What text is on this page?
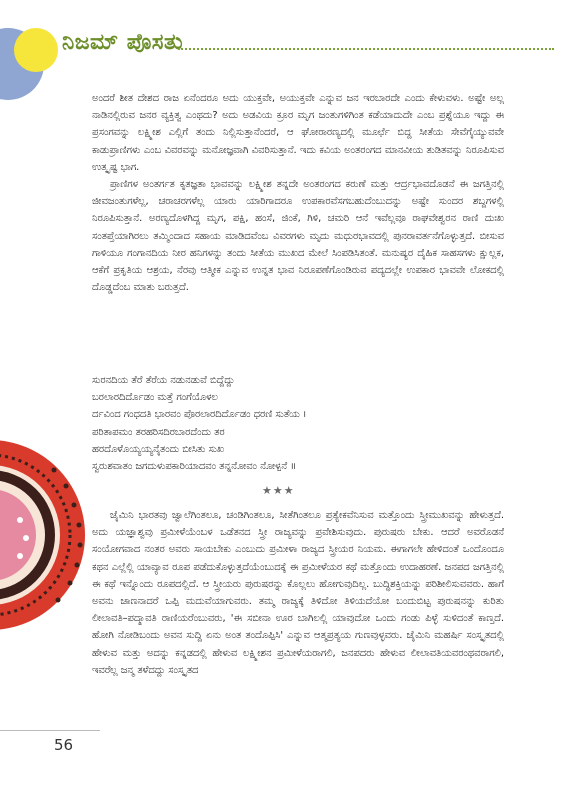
ನಿಜಮ್ ಪೊಸತು

ಅಂದರೆ ಶೀತ ದೇಶದ ರಾಜ ಏನೆಂದರೂ ಅದು ಯುಕ್ತವೇ, ಅಯುಕ್ತವೇ ಎನ್ನುವ ಜನ ಇರಬಾರದೇ ಎಂದು ಕೇಳುವಳು. ಅಷ್ಟೇ ಅಲ್ಲ ನಾಡಿನಲ್ಲಿರುವ ಜನರ ವ್ಯಕ್ತಿತ್ವ ಎಂಥದು? ಅದು ಅಡವಿಯ ಕ್ರೂರ ಮೃಗ ಜಂತುಗಳಿಗಿಂತ ಕಡೆಯಾದುದೇ ಎಂಬ ಪ್ರಶ್ನೆಯೂ ಇದ್ದು ಈ ಪ್ರಸಂಗವನ್ನು ಲಕ್ಷ್ಮೀಶ ಎಲ್ಲಿಗೆ ತಂದು ನಿಲ್ಲಿಸುತ್ತಾನೆಂದರೆ, ಆ ಘೋರಾರಣ್ಯದಲ್ಲಿ ಮೂರ್ಛೆ ಬಿದ್ದ ಸೀತೆಯ ಸೇವೆಗೈಯ್ಯುವವೇ ಕಾಡುಪ್ರಾಣಿಗಳು ಎಂಬ ವಿವರವನ್ನು ಮನೋಜ್ಞವಾಗಿ ವಿವರಿಸುತ್ತಾನೆ. ಇದು ಕವಿಯ ಅಂತರಂಗದ ಮಾನವೀಯ ತುಡಿತವನ್ನು ನಿರೂಪಿಸುವ ಉತ್ಕೃಷ್ಟ ಭಾಗ.

ಪ್ರಾಣಿಗಳ ಅಂತರ್ಗತ ಕೃತಜ್ಞತಾ ಭಾವವನ್ನು ಲಕ್ಷ್ಮೀಶ ತನ್ನದೇ ಅಂತರಂಗದ ಕರುಣೆ ಮತ್ತು ಆರ್ದ್ರಭಾವದೊಡನೆ ಈ ಜಗತ್ತಿನಲ್ಲಿ ಜೀವಜಂತುಗಳೆಲ್ಲ, ಚರಾಚರಗಳೆಲ್ಲ ಯಾರು ಯಾರಿಗಾದರೂ ಉಪಕಾರವೆಸಗಬಹುದೆಂಬುದನ್ನು ಅಷ್ಟೇ ಸುಂದರ ಶಬ್ದಗಳಲ್ಲಿ ನಿರೂಪಿಸುತ್ತಾನೆ. ಅರಣ್ಯದೊಳಗಿದ್ದ ಮೃಗ, ಪಕ್ಷಿ, ಹಂಸೆ, ಜಿಂಕೆ, ಗಿಳಿ, ಚಮರಿ ಆನೆ ಇವೆಲ್ಲವೂ ರಾಘವೇಶ್ವರನ ರಾಣಿ ದುಃಖ ಸಂತಪ್ತೆಯಾಗಿರಲು ತಮ್ಮಿಂದಾದ ಸಹಾಯ ಮಾಡಿದವೆಂಬ ವಿವರಗಳು ಮೃದು ಮಧುರಭಾವದಲ್ಲಿ ಪುನರಾವರ್ತನೆಗೊಳ್ಳುತ್ತದೆ. ಬೀಸುವ ಗಾಳಿಯೂ ಗಂಗಾನದಿಯ ನೀರ ಹನಿಗಳನ್ನು ತಂದು ಸೀತೆಯ ಮುಖದ ಮೇಲೆ ಸಿಂಪಡಿಸಿತಂತೆ. ಮನುಷ್ಯರ ದೈಹಿಕ ಸಾಹಸಗಳು ಕ್ಷುಲ್ಲಕ, ಆಕೆಗೆ ಪ್ರಕೃತಿಯ ಆಶ್ರಯ, ನೆರವು ಆತ್ಮೀಕ ಎನ್ನುವ ಉನ್ನತ ಭಾವ ನಿರೂಪಣೆಗೊಂಡಿರುವ ಪದ್ಯದಲ್ಲೇ ಉಪಕಾರ ಭಾವವೇ ಲೋಕದಲ್ಲಿ ದೊಡ್ಡದೆಂಬ ಮಾತು ಬರುತ್ತದೆ.

ಸುರನದಿಯ ತೆರೆ ತೆರೆಯ ನಡುನಡುವೆ ಬಿದ್ದೆದ್ದು
ಬರಲಾರದಿರ್ದೊಡಂ ಮತ್ತೆ ಗಂಗೆಯೊಳಲ
ರ್ದವಿಂದ ಗಂಧದತಿ ಭಾರವಂ ಪೊರಲಾರದಿರ್ದೊಡಂ ಧರಣಿ ಸುತೆಯ ।
ಪರಿತಾಪಮಂ ತರಹರಿಸದಿರಬಾರದೆಂದು ತರ
ಹರದೊಳೊಯ್ಯಯ್ಯನೈತಂದು ಬೀಸಿತು ಸುಖ
ಸ್ವರುಶವಾತಂ ಜಗದುಳುಪಕಾರಿಯಾದವಂ ತನ್ನನೋವಂ ನೋಳ್ಪನೆ ॥
★★★

ಜೈಮಿನಿ ಭಾರತವು ಜ್ವಾಲೆಗಿಂತಲೂ, ಚಂಡಿಗಿಂತಲೂ, ಸೀತೆಗಿಂತಲೂ ಪ್ರತ್ಯೇಕವೆನಿಸುವ ಮತ್ತೊಂದು ಸ್ತ್ರೀಮುಖವನ್ನು ಹೇಳುತ್ತದೆ. ಅದು ಯಜ್ಞಾಶ್ವವು ಪ್ರಮೀಳೆಯೆಂಬಳ ಒಡೆತನದ ಸ್ತ್ರೀ ರಾಜ್ಯವನ್ನು ಪ್ರವೇಶಿಸುವುದು. ಪುರುಷರು ಬೇಕು. ಆದರೆ ಅವರೊಡನೆ ಸಂಯೋಗವಾದ ನಂತರ ಅವರು ಸಾಯಬೇಕು ಎಂಬುದು ಪ್ರಮೀಳಾ ರಾಜ್ಯದ ಸ್ತ್ರೀಯರ ನಿಯಮ. ಈಗಾಗಲೇ ಹೇಳಿದಂತೆ ಒಂದೊಂದೂ ಕಥನ ಎಲ್ಲೆಲ್ಲಿ ಯಾವ್ಯಾವ ರೂಪ ಪಡೆದುಕೊಳ್ಳುತ್ತದೆಯೆಂಬುದಕ್ಕೆ ಈ ಪ್ರಮೀಳೆಯರ ಕಥೆ ಮತ್ತೊಂದು ಉದಾಹರಣೆ. ಜನಪದ ಜಗತ್ತಿನಲ್ಲಿ ಈ ಕಥೆ ಇನ್ನೊಂದು ರೂಪದಲ್ಲಿದೆ. ಆ ಸ್ತ್ರೀಯರು ಪುರುಷರನ್ನು ಕೊಲ್ಲಲು ಹೋಗುವುದಿಲ್ಲ. ಬುದ್ಧಿಶಕ್ತಿಯನ್ನು ಪರಿಶೀಲಿಸುವವರು. ಹಾಗೆ ಅವನು ಜಾಣನಾದರೆ ಒಪ್ಪಿ ಮದುವೆಯಾಗುವರು. ತಮ್ಮ ರಾಜ್ಯಕ್ಕೆ ತಿಳಿದೋ ತಿಳಿಯದೆಯೋ ಬಂದುಬಿಟ್ಟ ಪುರುಷನನ್ನು ಕುರಿತು ಲೀಲಾವತಿ–ಪದ್ಮಾವತಿ ರಾಣಿಯರೆಂಬುವರು, 'ಈ ಸಬೀನಾ ಊರ ಬಾಗಿಲಲ್ಲಿ ಯಾವುದೋ ಒಂದು ಗಂಡು ಪಿಳ್ಳೆ ಸುಳಿದಂತೆ ಕಾಣ್ತದೆ. ಹೋಗಿ ನೋಡಿಬಂದು ಅವನ ಸುದ್ದಿ ಏನು ಅಂತ ತಂದೊಪ್ಪಿಸಿ' ಎನ್ನುವ ಆತ್ಮಪ್ರತ್ಯಯ ಗುಣವುಳ್ಳವರು. ಜೈಮಿನಿ ಮಹರ್ಷಿ ಸಂಸ್ಕೃತದಲ್ಲಿ ಹೇಳುವ ಮತ್ತು ಅದನ್ನು ಕನ್ನಡದಲ್ಲಿ ಹೇಳುವ ಲಕ್ಷ್ಮೀಶನ ಪ್ರಮೀಳೆಯರಾಗಲಿ, ಜನಪದರು ಹೇಳುವ ಲೀಲಾವತಿಯವರಂಥವರಾಗಲಿ, ಇವರೆಲ್ಲ ಜನ್ಮ ತಳೆದದ್ದು ಸಂಸ್ಕೃತದ

56
